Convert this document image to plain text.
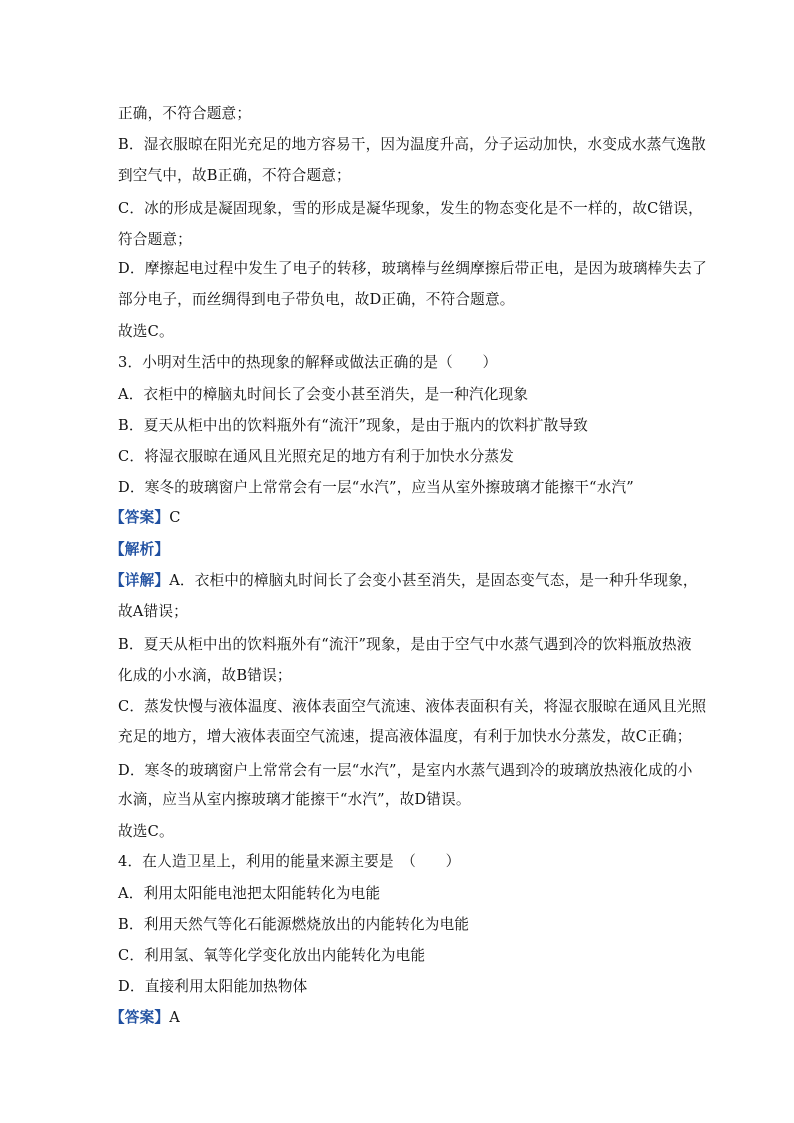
正确，不符合题意；
B．湿衣服晾在阳光充足的地方容易干，因为温度升高，分子运动加快，水变成水蒸气逸散
到空气中，故B正确，不符合题意；
C．冰的形成是凝固现象，雪的形成是凝华现象，发生的物态变化是不一样的，故C错误，
符合题意；
D．摩擦起电过程中发生了电子的转移，玻璃棒与丝绸摩擦后带正电，是因为玻璃棒失去了
部分电子，而丝绸得到电子带负电，故D正确，不符合题意。
故选C。
3．小明对生活中的热现象的解释或做法正确的是（　　）
A．衣柜中的樟脑丸时间长了会变小甚至消失，是一种汽化现象
B．夏天从柜中出的饮料瓶外有“流汗”现象，是由于瓶内的饮料扩散导致
C．将湿衣服晾在通风且光照充足的地方有利于加快水分蒸发
D．寒冬的玻璃窗户上常常会有一层“水汽”，应当从室外擦玻璃才能擦干“水汽”
【答案】C
【解析】
【详解】A．衣柜中的樟脑丸时间长了会变小甚至消失，是固态变气态，是一种升华现象，
故A错误；
B．夏天从柜中出的饮料瓶外有“流汗”现象，是由于空气中水蒸气遇到冷的饮料瓶放热液
化成的小水滴，故B错误；
C．蒸发快慢与液体温度、液体表面空气流速、液体表面积有关，将湿衣服晾在通风且光照
充足的地方，增大液体表面空气流速，提高液体温度，有利于加快水分蒸发，故C正确；
D．寒冬的玻璃窗户上常常会有一层“水汽”，是室内水蒸气遇到冷的玻璃放热液化成的小
水滴，应当从室内擦玻璃才能擦干“水汽”，故D错误。
故选C。
4．在人造卫星上，利用的能量来源主要是　（　　）
A．利用太阳能电池把太阳能转化为电能
B．利用天然气等化石能源燃烧放出的内能转化为电能
C．利用氢、氧等化学变化放出内能转化为电能
D．直接利用太阳能加热物体
【答案】A
